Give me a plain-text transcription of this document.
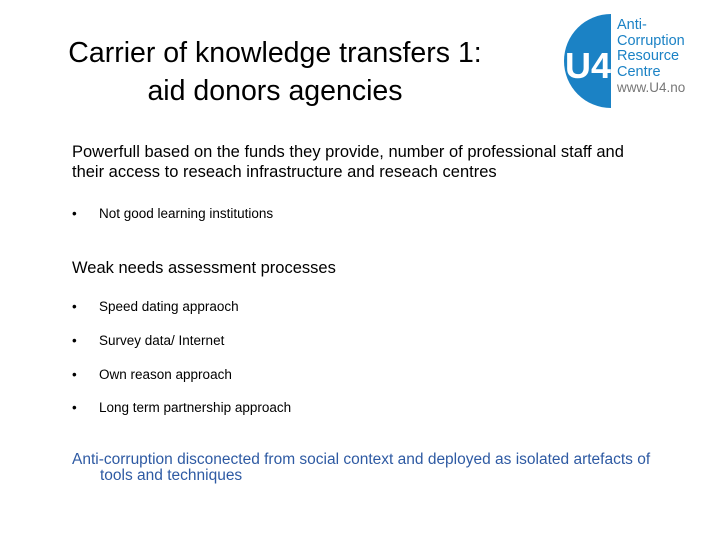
Carrier of knowledge transfers 1:
aid donors agencies
U4
Anti-
Corruption
Resource
Centre
www.U4.no
Powerfull based on the funds they provide, number of professional staff and their access to reseach infrastructure and reseach centres
• Not good learning institutions
Weak needs assessment processes
• Speed dating appraoch
• Survey data/ Internet
• Own reason approach
• Long term partnership approach
Anti-corruption disconected from social context and deployed as isolated artefacts of
tools and techniques
